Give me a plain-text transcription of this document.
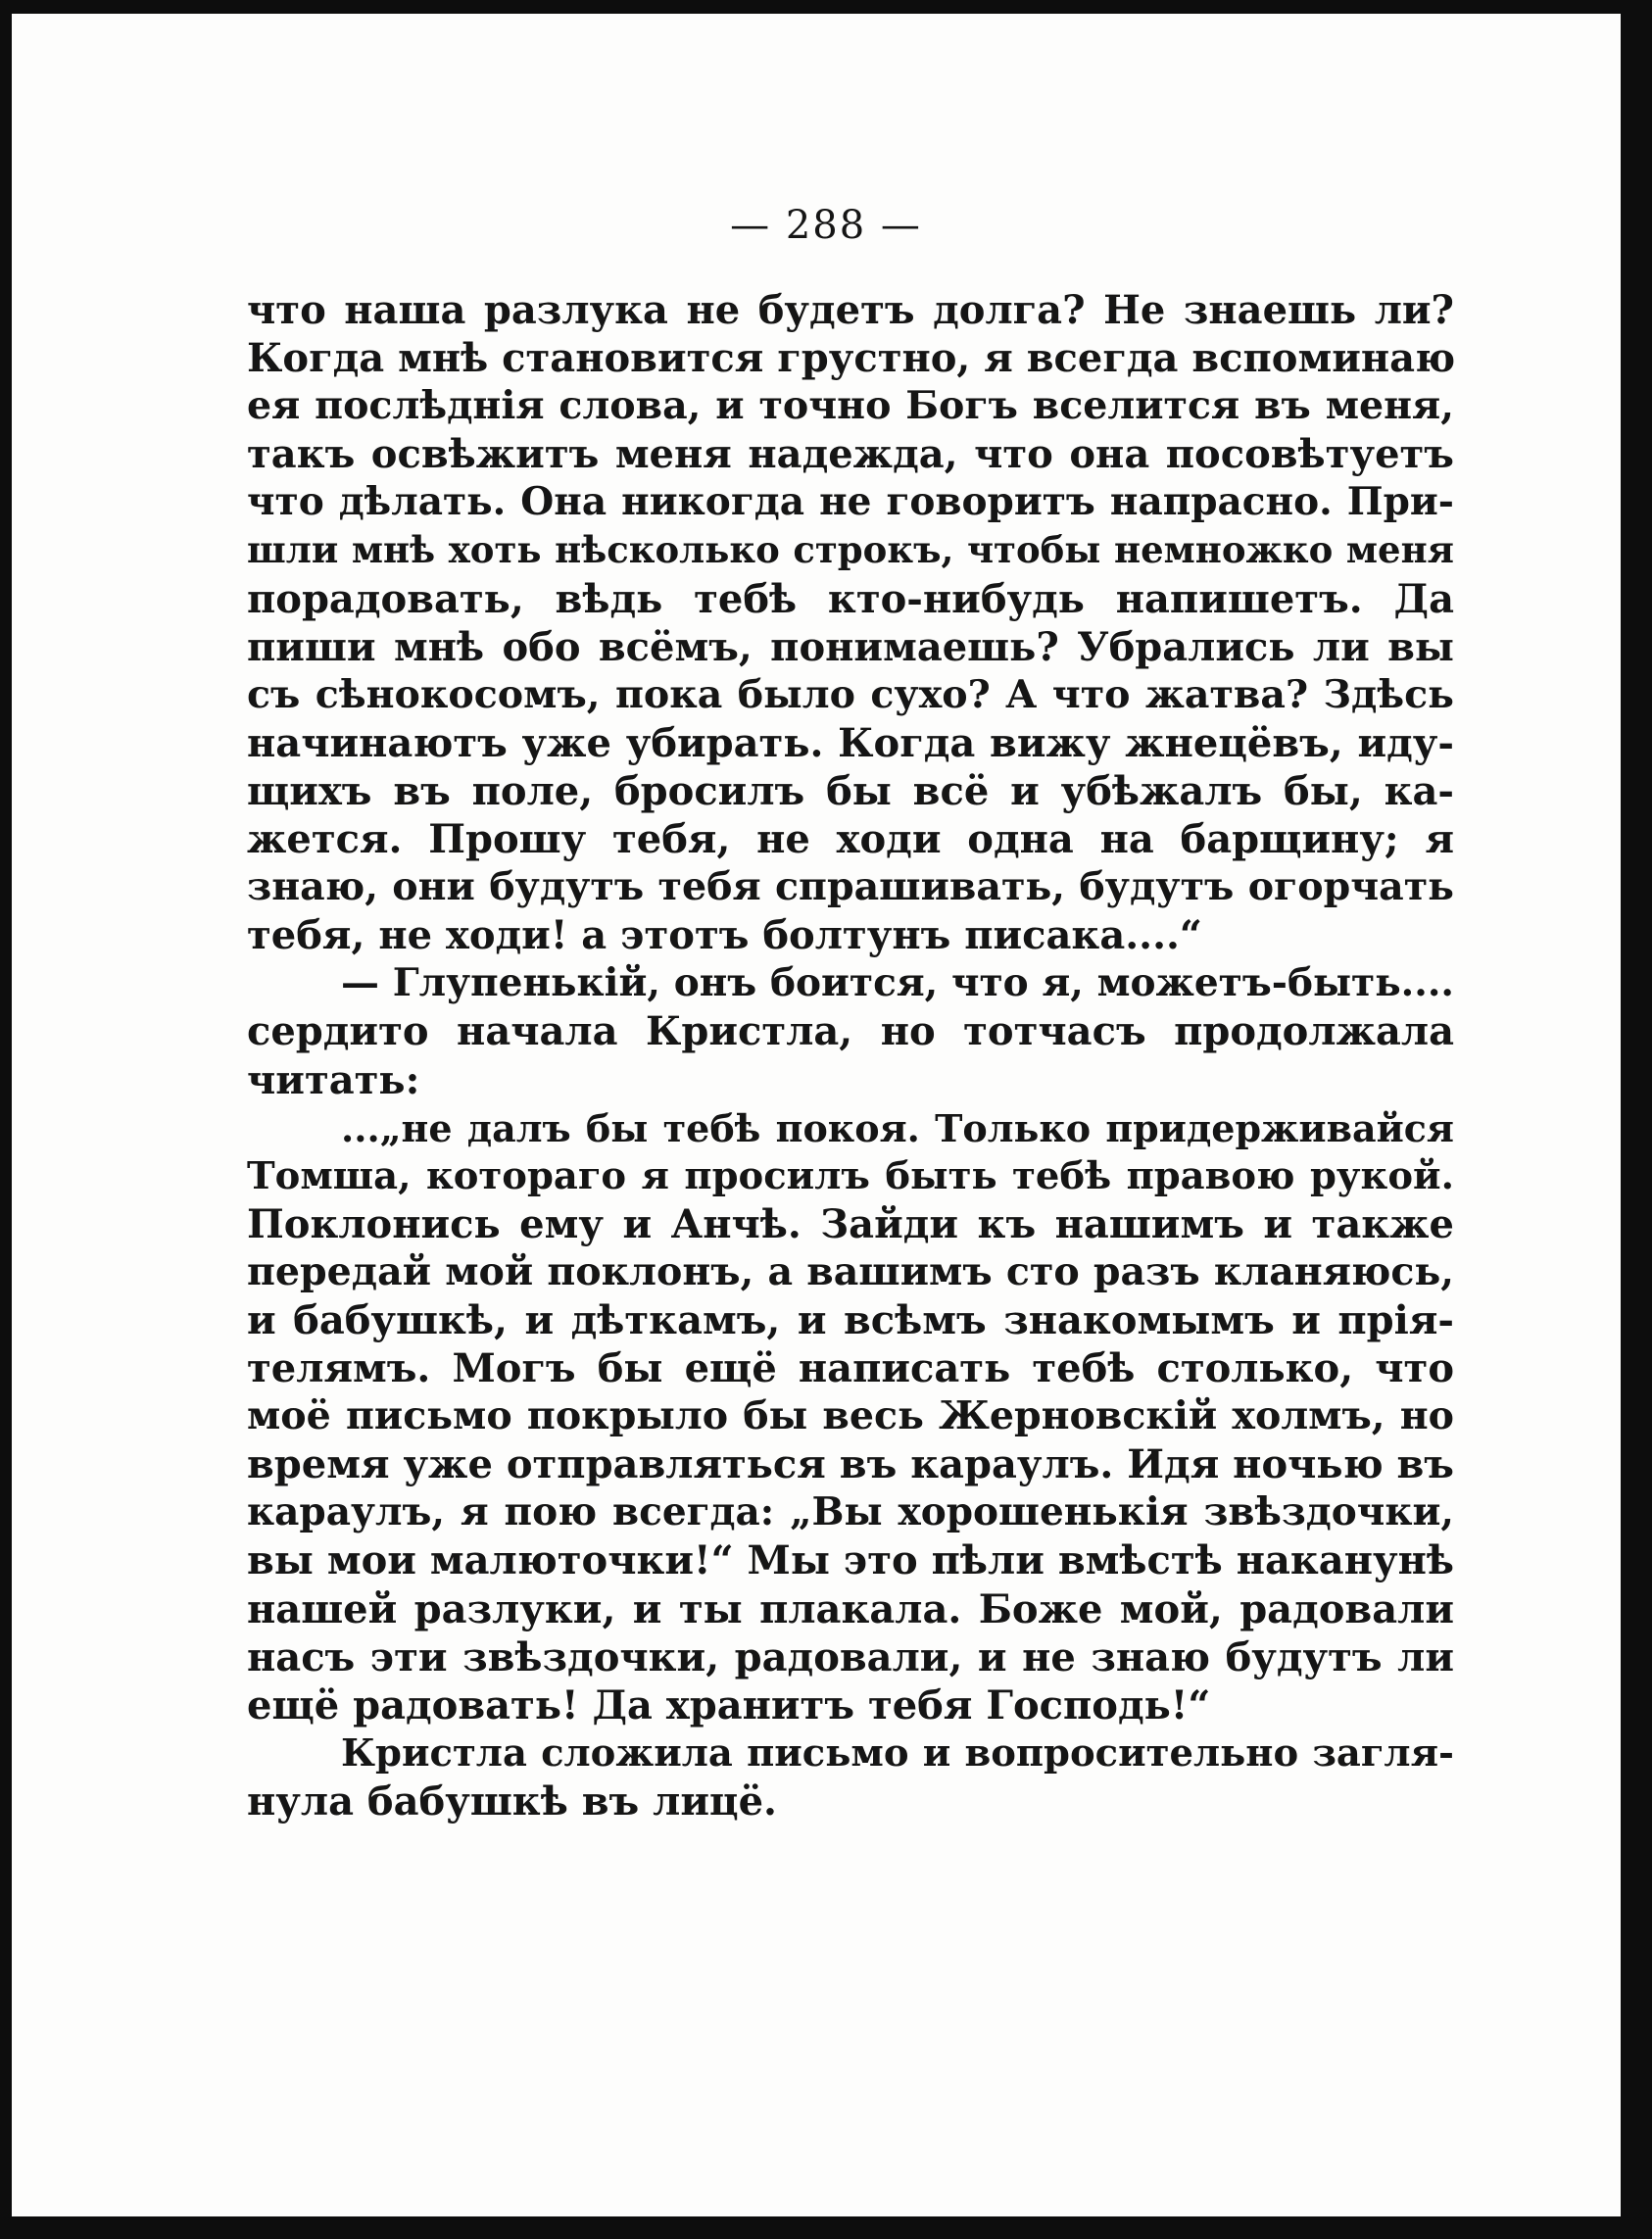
— 288 —
что наша разлука не будетъ долга? Не знаешь ли?
Когда мнѣ становится грустно, я всегда вспоминаю
ея послѣднія слова, и точно Богъ вселится въ меня,
такъ освѣжитъ меня надежда, что она посовѣтуетъ
что дѣлать. Она никогда не говоритъ напрасно. При-
шли мнѣ хоть нѣсколько строкъ, чтобы немножко меня
порадовать, вѣдь тебѣ кто-нибудь напишетъ. Да
пиши мнѣ обо всёмъ, понимаешь? Убрались ли вы
съ сѣнокосомъ, пока было сухо? А что жатва? Здѣсь
начинаютъ уже убирать. Когда вижу жнецёвъ, иду-
щихъ въ поле, бросилъ бы всё и убѣжалъ бы, ка-
жется. Прошу тебя, не ходи одна на барщину; я
знаю, они будутъ тебя спрашивать, будутъ огорчать
тебя, не ходи! а этотъ болтунъ писака....“
— Глупенькій, онъ боится, что я, можетъ-быть....
сердито начала Кристла, но тотчасъ продолжала
читать:
...„не далъ бы тебѣ покоя. Только придерживайся
Томша, котораго я просилъ быть тебѣ правою рукой.
Поклонись ему и Анчѣ. Зайди къ нашимъ и также
передай мой поклонъ, а вашимъ сто разъ кланяюсь,
и бабушкѣ, и дѣткамъ, и всѣмъ знакомымъ и прія-
телямъ. Могъ бы ещё написать тебѣ столько, что
моё письмо покрыло бы весь Жерновскій холмъ, но
время уже отправляться въ караулъ. Идя ночью въ
караулъ, я пою всегда: „Вы хорошенькія звѣздочки,
вы мои малюточки!“ Мы это пѣли вмѣстѣ наканунѣ
нашей разлуки, и ты плакала. Боже мой, радовали
насъ эти звѣздочки, радовали, и не знаю будутъ ли
ещё радовать! Да хранитъ тебя Господь!“
Кристла сложила письмо и вопросительно загля-
нула бабушкѣ въ лицё.
